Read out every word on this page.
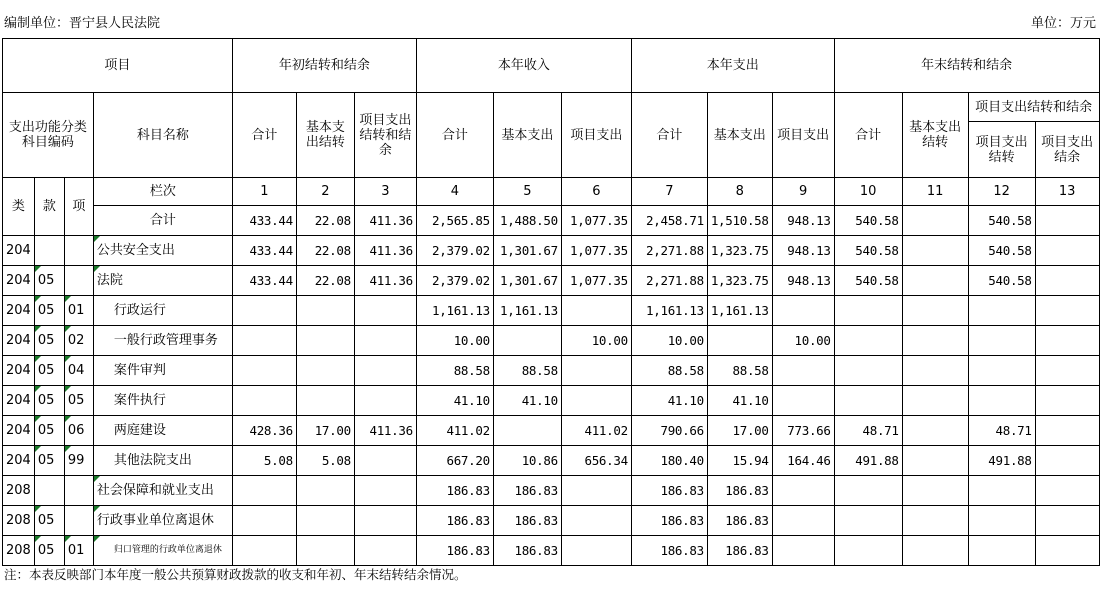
编制单位：晋宁县人民法院	单位：万元
项目				年初结转和结余			本年收入			本年支出			年末结转和结余			
支出功能分类科目编码			科目名称	合计	基本支出结转	项目支出结转和结余	合计	基本支出	项目支出	合计	基本支出	项目支出	合计	基本支出结转	项目支出结转和结余	
															项目支出结转	项目支出结余
类	款	项	栏次	1	2	3	4	5	6	7	8	9	10	11	12	13
			合计	433.44	22.08	411.36	2,565.85	1,488.50	1,077.35	2,458.71	1,510.58	948.13	540.58		540.58	
204			公共安全支出	433.44	22.08	411.36	2,379.02	1,301.67	1,077.35	2,271.88	1,323.75	948.13	540.58		540.58	
204	05		法院	433.44	22.08	411.36	2,379.02	1,301.67	1,077.35	2,271.88	1,323.75	948.13	540.58		540.58	
204	05	01	行政运行				1,161.13	1,161.13		1,161.13	1,161.13					
204	05	02	一般行政管理事务				10.00		10.00	10.00		10.00				
204	05	04	案件审判				88.58	88.58		88.58	88.58					
204	05	05	案件执行				41.10	41.10		41.10	41.10					
204	05	06	两庭建设	428.36	17.00	411.36	411.02		411.02	790.66	17.00	773.66	48.71		48.71	
204	05	99	其他法院支出	5.08	5.08		667.20	10.86	656.34	180.40	15.94	164.46	491.88		491.88	
208			社会保障和就业支出				186.83	186.83		186.83	186.83					
208	05		行政事业单位离退休				186.83	186.83		186.83	186.83					
208	05	01	归口管理的行政单位离退休				186.83	186.83		186.83	186.83					
注：本表反映部门本年度一般公共预算财政拨款的收支和年初、年末结转结余情况。
